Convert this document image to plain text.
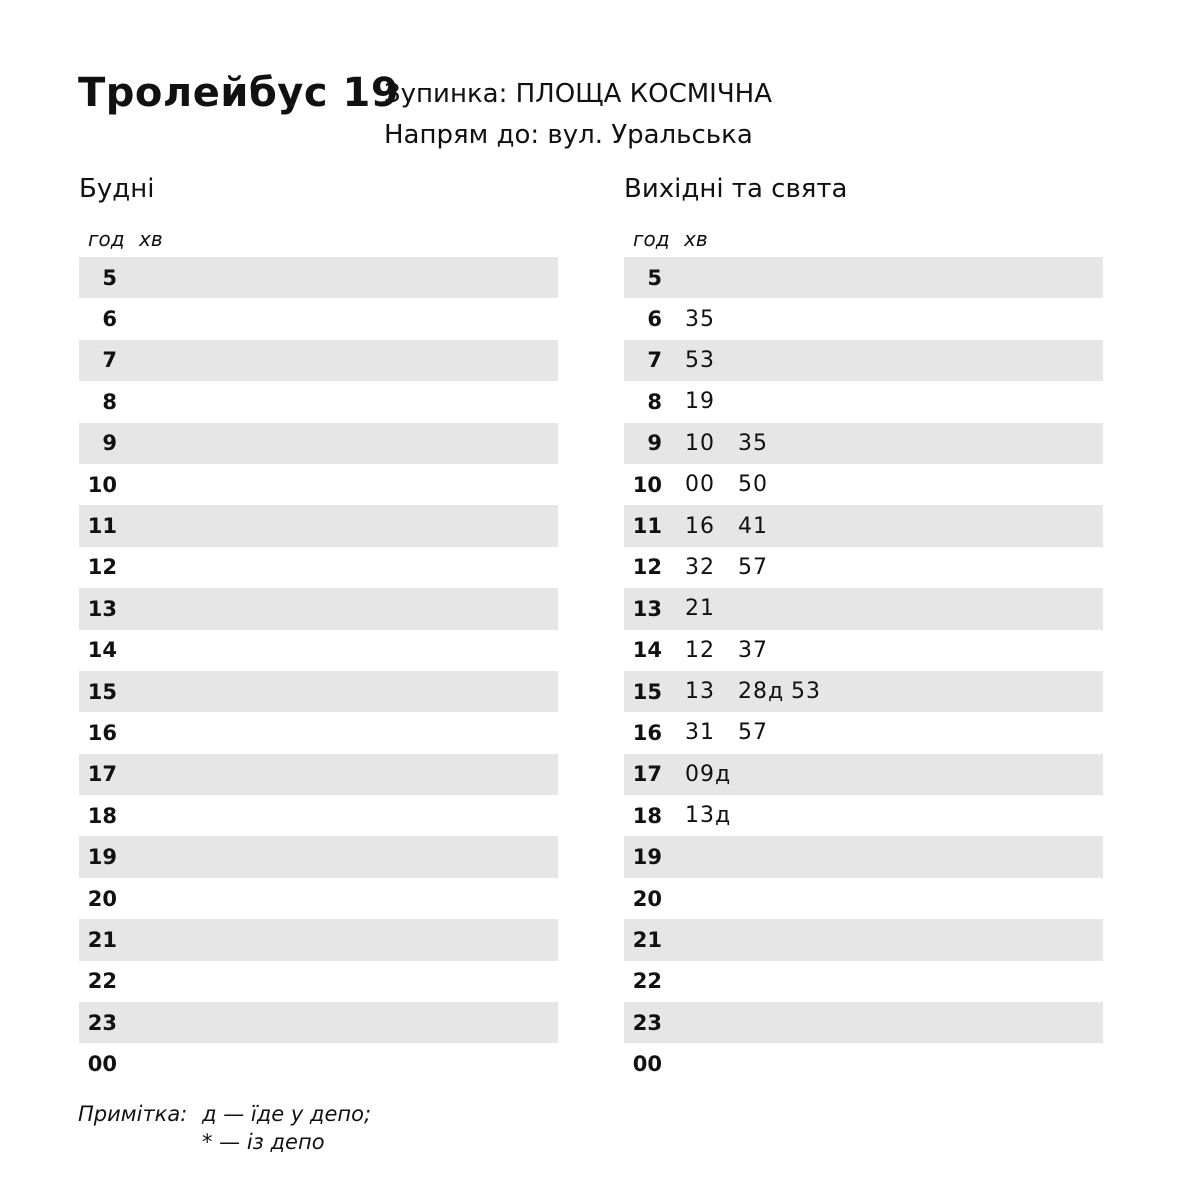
Тролейбус 19
Зупинка: ПЛОЩА КОСМІЧНА
Напрям до: вул. Уральська
Будні
год хв
5
6
7
8
9
10
11
12
13
14
15
16
17
18
19
20
21
22
23
00
Вихідні та свята
год хв
5
6 35
7 53
8 19
9 10	35
10 00	50
11 16	41
12 32	57
13 21
14 12	37
15 13	28д 53
16 31	57
17 09д
18 13д
19
20
21
22
23
00
Примітка: д — їде у депо;
* — із депо
